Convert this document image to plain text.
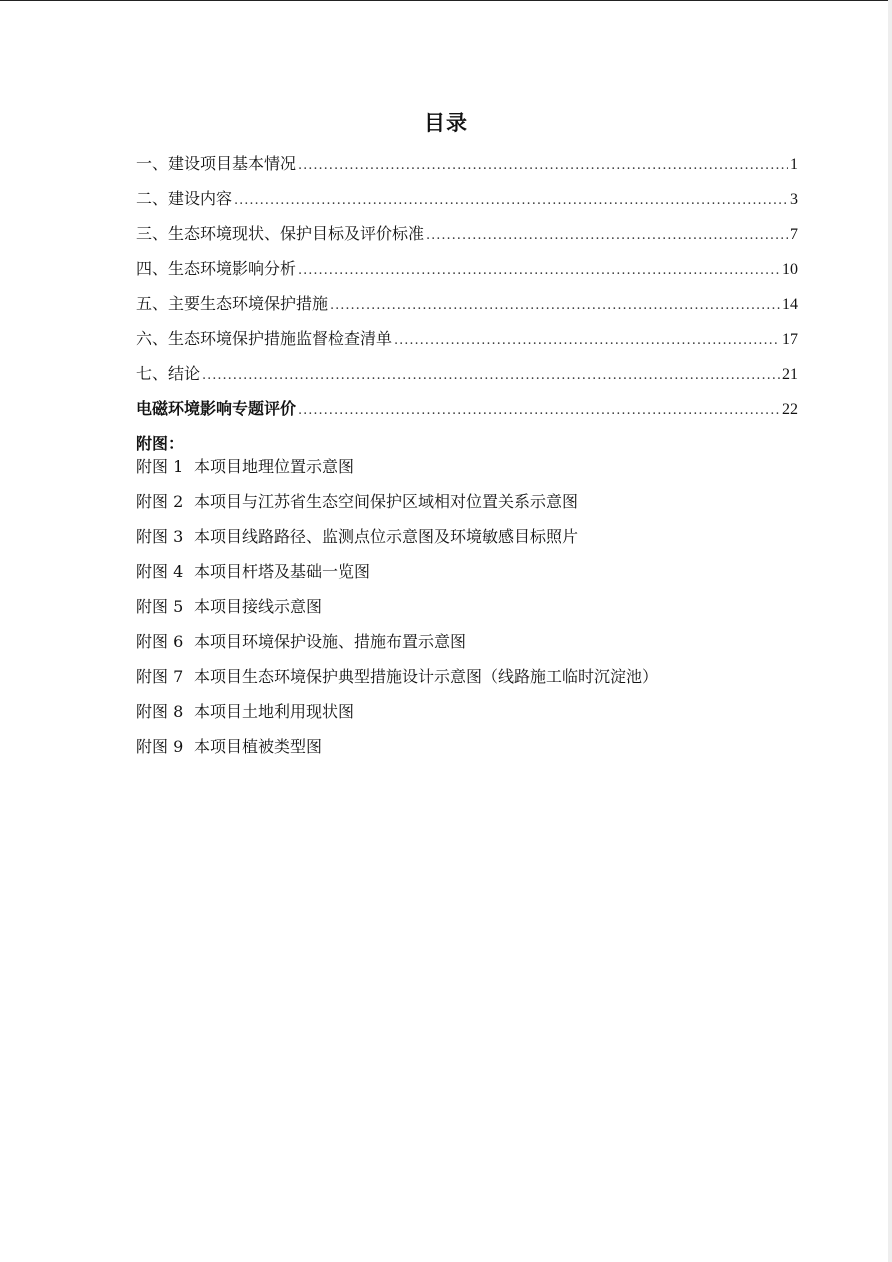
目录
一、建设项目基本情况 .....	1
二、建设内容 .....	3
三、生态环境现状、保护目标及评价标准 .....	7
四、生态环境影响分析 .....	10
五、主要生态环境保护措施 .....	14
六、生态环境保护措施监督检查清单 .....	17
七、结论 .....	21
电磁环境影响专题评价 .....	22
附图：
附图 1 本项目地理位置示意图
附图 2 本项目与江苏省生态空间保护区域相对位置关系示意图
附图 3 本项目线路路径、监测点位示意图及环境敏感目标照片
附图 4 本项目杆塔及基础一览图
附图 5 本项目接线示意图
附图 6 本项目环境保护设施、措施布置示意图
附图 7 本项目生态环境保护典型措施设计示意图（线路施工临时沉淀池）
附图 8 本项目土地利用现状图
附图 9 本项目植被类型图
